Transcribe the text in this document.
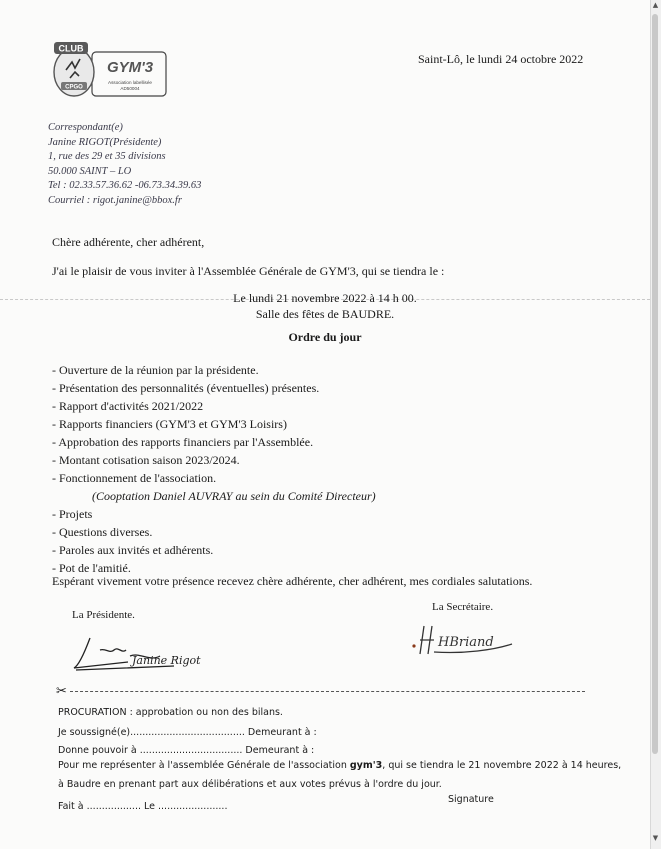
CLUB
CPGO
GYM'3
Association labellisée
AD50004
Saint-Lô, le lundi 24 octobre 2022
Correspondant(e)
Janine RIGOT(Présidente)
1, rue des 29 et 35 divisions
50.000 SAINT – LO
Tel : 02.33.57.36.62 -06.73.34.39.63
Courriel : rigot.janine@bbox.fr
Chère adhérente, cher adhérent,
J'ai le plaisir de vous inviter à l'Assemblée Générale de GYM'3, qui se tiendra le :
Le lundi 21 novembre 2022 à 14 h 00.
Salle des fêtes de BAUDRE.
Ordre du jour
- Ouverture de la réunion par la présidente.
- Présentation des personnalités (éventuelles) présentes.
- Rapport d'activités 2021/2022
- Rapports financiers (GYM'3 et GYM'3 Loisirs)
- Approbation des rapports financiers par l'Assemblée.
- Montant cotisation saison 2023/2024.
- Fonctionnement de l'association.
(Cooptation Daniel AUVRAY au sein du Comité Directeur)
- Projets
- Questions diverses.
- Paroles aux invités et adhérents.
- Pot de l'amitié.
Espérant vivement votre présence recevez chère adhérente, cher adhérent, mes cordiales salutations.
La Présidente.
La Secrétaire.
Janine Rigot
HBriand
✂
PROCURATION : approbation ou non des bilans.
Je soussigné(e)...................................... Demeurant à :
Donne pouvoir à .................................. Demeurant à :
Pour me représenter à l'assemblée Générale de l'association gym'3, qui se tiendra le 21 novembre 2022 à 14 heures,
à Baudre en prenant part aux délibérations et aux votes prévus à l'ordre du jour.
Fait à .................. Le .......................
Signature
▲
▼
